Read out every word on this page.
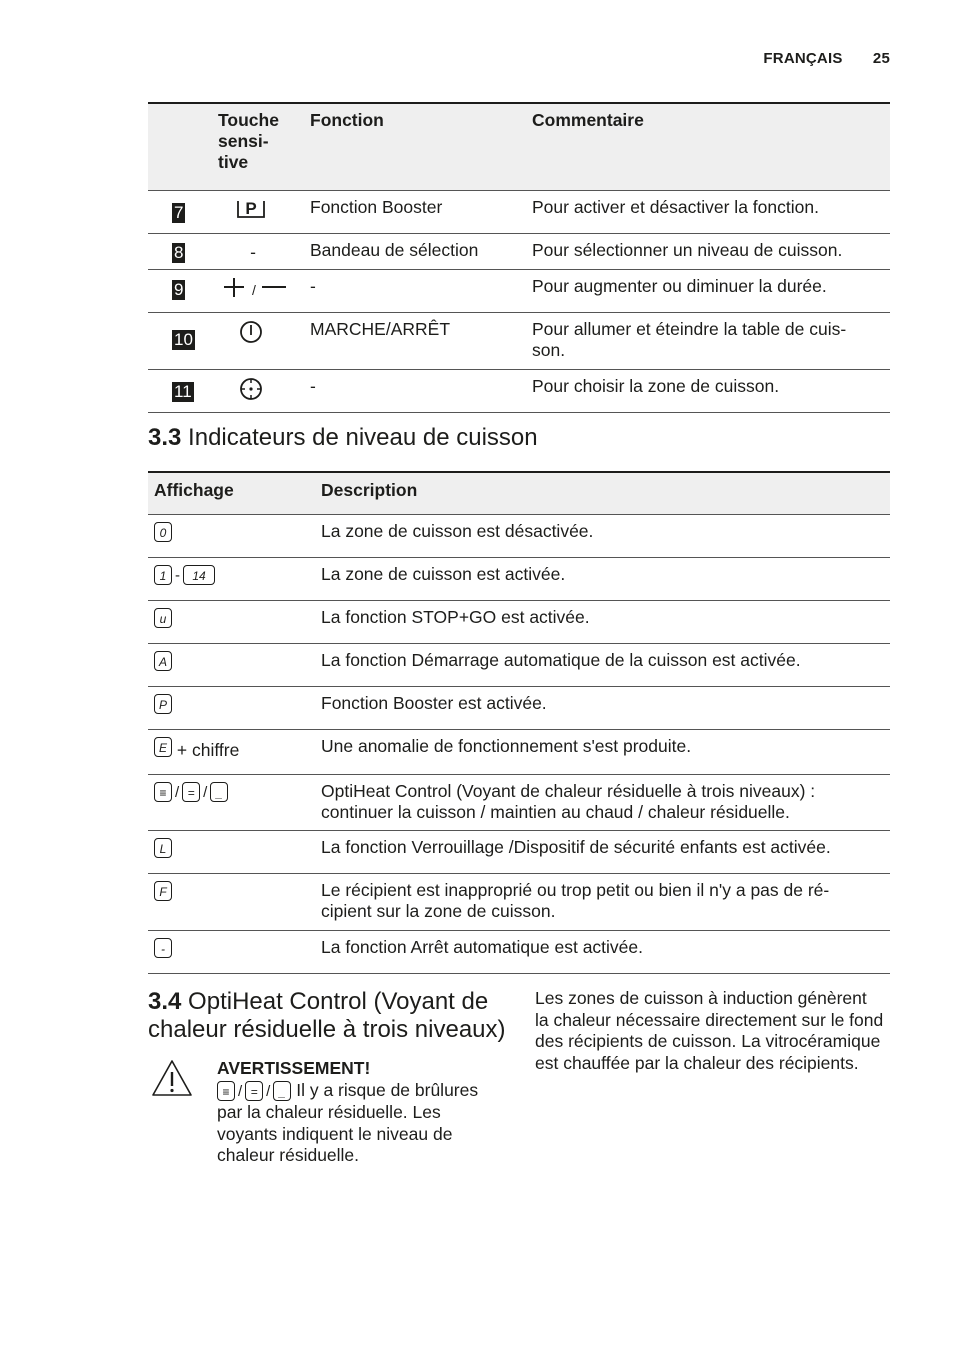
FRANÇAIS 25

	Touche
sensi-
tive	Fonction	Commentaire
7	P	Fonction Booster	Pour activer et désactiver la fonction.
8	-	Bandeau de sélection	Pour sélectionner un niveau de cuisson.
9	/	-	Pour augmenter ou diminuer la durée.
10		MARCHE/ARRÊT	Pour allumer et éteindre la table de cuis-
son.
11		-	Pour choisir la zone de cuisson.
3.3 Indicateurs de niveau de cuisson
Affichage	Description
0	La zone de cuisson est désactivée.
1 - 14	La zone de cuisson est activée.
u	La fonction STOP+GO est activée.
A	La fonction Démarrage automatique de la cuisson est activée.
P	Fonction Booster est activée.
E + chiffre	Une anomalie de fonctionnement s'est produite.
≡ / = / _	OptiHeat Control (Voyant de chaleur résiduelle à trois niveaux) :
continuer la cuisson / maintien au chaud / chaleur résiduelle.
L	La fonction Verrouillage /Dispositif de sécurité enfants est activée.
F	Le récipient est inapproprié ou trop petit ou bien il n'y a pas de ré-
cipient sur la zone de cuisson.
-	La fonction Arrêt automatique est activée.
3.4 OptiHeat Control (Voyant de chaleur résiduelle à trois niveaux)
AVERTISSEMENT!
≡ / = / _ Il y a risque de brûlures par la chaleur résiduelle. Les voyants indiquent le niveau de chaleur résiduelle.
Les zones de cuisson à induction génèrent la chaleur nécessaire directement sur le fond des récipients de cuisson. La vitrocéramique est chauffée par la chaleur des récipients.
